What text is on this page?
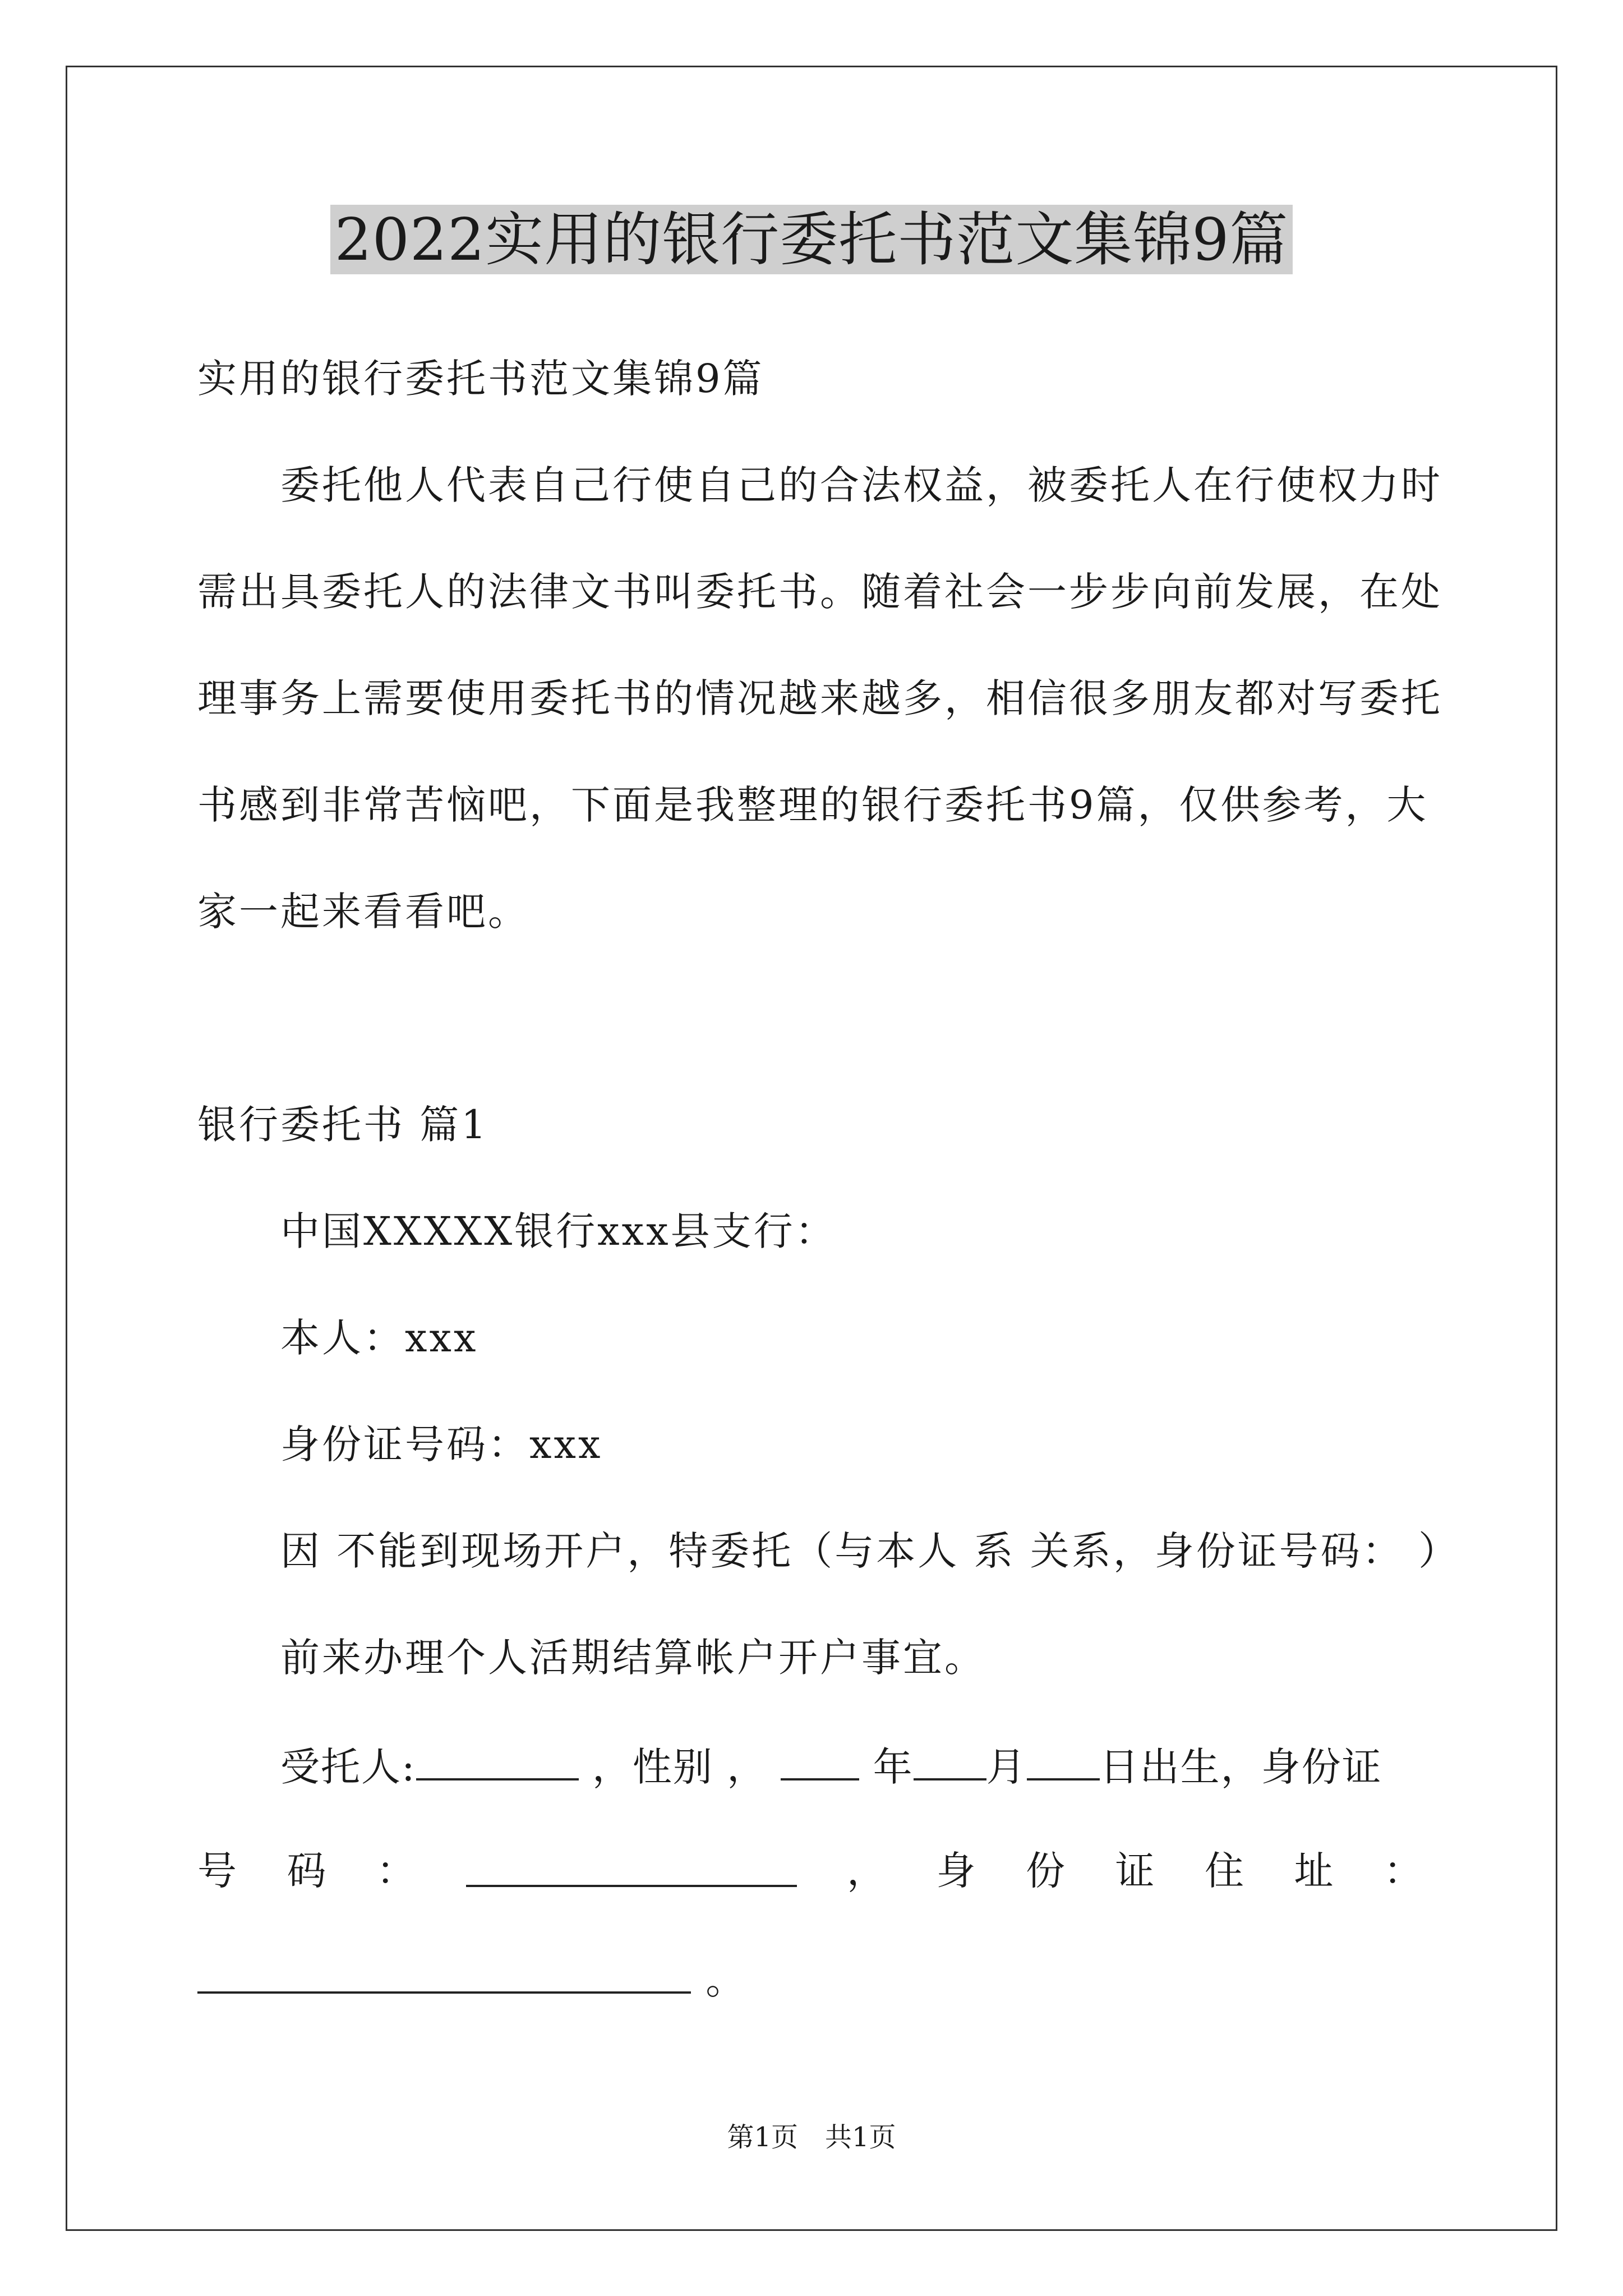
2022实用的银行委托书范文集锦9篇
实用的银行委托书范文集锦9篇
委托他人代表自己行使自己的合法权益，被委托人在行使权力时
需出具委托人的法律文书叫委托书。随着社会一步步向前发展，在处
理事务上需要使用委托书的情况越来越多，相信很多朋友都对写委托
书感到非常苦恼吧，下面是我整理的银行委托书9篇，仅供参考，大
家一起来看看吧。
银行委托书 篇1
中国XXXXX银行xxx县支行：
本人：xxx
身份证号码：xxx
因 不能到现场开户，特委托（与本人 系 关系，身份证号码： ）
前来办理个人活期结算帐户开户事宜。
受托人:	，性别 ，	年 月 日出生，身份证
号 码 ：	， 身 份 证 住 址 ：
。
第1页　共1页
